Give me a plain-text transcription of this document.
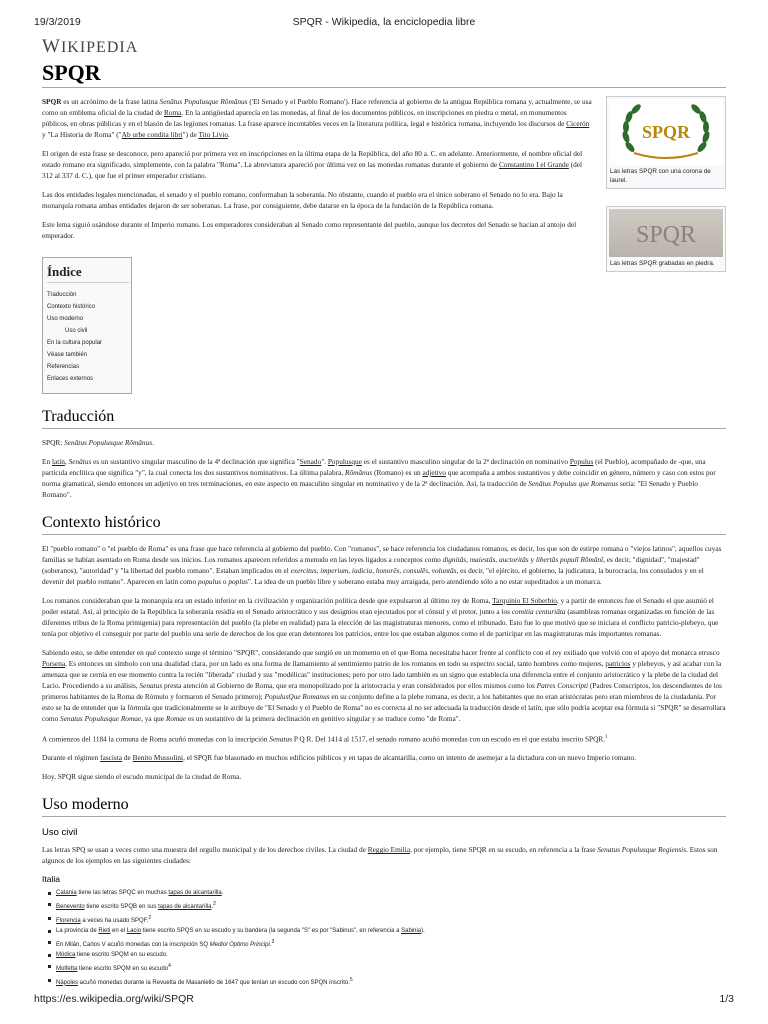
19/3/2019	SPQR - Wikipedia, la enciclopedia libre
WIKIPEDIA
SPQR

SPQR es un acrónimo de la frase latina Senātus Populusque Rōmānus ('El Senado y el Pueblo Romano'). Hace referencia al gobierno de la antigua República romana y, actualmente, se usa como un emblema oficial de la ciudad de Roma. En la antigüedad aparecía en las monedas, al final de los documentos públicos, en inscripciones en piedra o metal, en monumentos públicos, en obras públicas y en el blasón de las legiones romanas. La frase aparece incontables veces en la literatura política, legal e histórica romana, incluyendo los discursos de Cicerón y "La Historia de Roma" ("Ab urbe condita libri") de Tito Livio.

El origen de esta frase se desconoce, pero apareció por primera vez en inscripciones en la última etapa de la República, del año 80 a. C. en adelante. Anteriormente, el nombre oficial del estado romano era significado, simplemente, con la palabra "Roma". La abreviatura apareció por última vez en las monedas romanas durante el gobierno de Constantino I el Grande (del 312 al 337 d. C.), que fue el primer emperador cristiano.

Las dos entidades legales mencionadas, el senado y el pueblo romano, conformaban la soberanía. No obstante, cuando el pueblo era el único soberano el Senado no lo era. Bajo la monarquía romana ambas entidades dejaron de ser soberanas. La frase, por consiguiente, debe datarse en la época de la fundación de la República romana.

Este lema siguió usándose durante el Imperio romano. Los emperadores consideraban al Senado como representante del pueblo, aunque los decretos del Senado se hacían al antojo del emperador.

SPQR
Las letras SPQR con una corona de laurel.
SPQR
Las letras SPQR grabadas en piedra.
Índice
Traducción
Contexto histórico
Uso moderno
Uso civil
En la cultura popular
Véase también
Referencias
Enlaces externos
Traducción

SPQR: Senātus Populusque Rōmānus.

En latín, Senātus es un sustantivo singular masculino de la 4ª declinación que significa "Senado". Populusque es el sustantivo masculino singular de la 2ª declinación en nominativo Populus (el Pueblo), acompañado de -que, una partícula enclítica que significa "y", la cual conecta los dos sustantivos nominativos. La última palabra, Rōmānus (Romano) es un adjetivo que acompaña a ambos sustantivos y debe coincidir en género, número y caso con estos por norma gramatical, siendo entonces un adjetivo en tres terminaciones, en este aspecto en masculino singular en nominativo y de la 2ª declinación. Así, la traducción de Senātus Populus que Romanus sería: "El Senado y Pueblo Romano".

Contexto histórico

El "pueblo romano" o "el pueblo de Roma" es una frase que hace referencia al gobierno del pueblo. Con "romanos", se hace referencia los ciudadanos romanos, es decir, los que son de estirpe romana o "viejos latinos", aquellos cuyas familias se habían asentado en Roma desde sus inicios. Los romanos aparecen referidos a menudo en las leyes ligados a conceptos como dignitās, maiestās, auctoritās y libertās populī Rōmānī, es decir, "dignidad", "majestad" (soberanos), "autoridad" y "la libertad del pueblo romano". Estaban implicados en el exercitus, imperium, iudicia, honorēs, consulēs, voluntās, es decir, "el ejército, el gobierno, la judicatura, la burocracia, los consulados y en el devenir del pueblo romano". Aparecen en latín como populus o poplus". La idea de un pueblo libre y soberano estaba muy arraigada, pero atendiendo sólo a no estar supeditados a un monarca.

Los romanos consideraban que la monarquía era un estado inferior en la civilización y organización política desde que expulsaron al último rey de Roma, Tarquinio El Soberbio, y a partir de entonces fue el Senado el que asumió el poder estatal. Así, al principio de la República la soberanía residía en el Senado aristocrático y sus designios eran ejecutados por el cónsul y el pretor, junto a los comitia centuriāta (asambleas romanas organizadas en función de las diferentes tribus de la Roma primigenia) para representación del pueblo (la plebe en realidad) para la elección de las magistraturas menores, como el tribunado. Esto fue lo que motivó que se iniciara el conflicto patricio-plebeyo, que tenía por objetivo el conseguir por parte del pueblo una serie de derechos de los que eran detentores los patricios, entre los que estaban algunos como el de participar en las magistraturas más importantes romanas.

Sabiendo esto, se debe entender en qué contexto surge el término "SPQR", considerando que surgió en un momento en el que Roma necesitaba hacer frente al conflicto con el rey exiliado que volvió con el apoyo del monarca etrusco Porsena. Es entonces un símbolo con una dualidad clara, por un lado es una forma de llamamiento al sentimiento patrio de los romanos en todo su espectro social, tanto hombres como mujeres, patricios y plebeyos, y así acabar con la amenaza que se cernía en ese momento contra la recién "liberada" ciudad y sus "modélicas" instituciones; pero por otro lado también es un signo que establecía una diferencia entre el conjunto aristocrático y la plebe de la ciudad del Lacio. Procediendo a su análisis, Senatus presta atención al Gobierno de Roma, que era monopolizado por la aristocracia y eran considerados por ellos mismos como los Patres Conscripti (Padres Conscriptos, los descendientes de los primeros habitantes de la Roma de Rómulo y formaron el Senado primero); PopulusQue Romanus en su conjunto define a la plebe romana, es decir, a los habitantes que no eran aristócratas pero eran miembros de la ciudadanía. Por esto se ha de entender que la fórmula que tradicionalmente se le atribuye de "El Senado y el Pueblo de Roma" no es correcta al no ser adecuada la traducción desde el latín, que sólo podría aceptar esa fórmula si "SPQR" se desarrollara como Senatus Populusque Romae, ya que Romae es un sustantivo de la primera declinación en genitivo singular y se traduce como "de Roma".

A comienzos del 1184 la comuna de Roma acuñó monedas con la inscripción Senatus P Q R. Del 1414 al 1517, el senado romano acuñó monedas con un escudo en el que estaba inscrito SPQR.$^1$

Durante el régimen fascista de Benito Mussolini, el SPQR fue blasonado en muchos edificios públicos y en tapas de alcantarilla, como un intento de asemejar a la dictadura con un nuevo Imperio romano.

Hoy, SPQR sigue siendo el escudo municipal de la ciudad de Roma.

Uso moderno
Uso civil

Las letras SPQ se usan a veces como una muestra del orgullo municipal y de los derechos civiles. La ciudad de Reggio Emilia, por ejemplo, tiene SPQR en su escudo, en referencia a la frase Senatus Populusque Regiensis. Estos son algunos de los ejemplos en las siguientes ciudades:

Italia
Catania tiene las letras SPQC en muchas tapas de alcantarilla.
Benevento tiene escrito SPQB en sus tapas de alcantarilla.$^2$
Florencia a veces ha usado SPQF.$^2$
La provincia de Rieti en el Lacio tiene escrito SPQS en su escudo y su bandera (la segunda "S" es por "Sabinus", en referencia a Sabinia).
En Milán, Carlos V acuñó monedas con la inscripción SQ Mediol Optimo Principi.$^3$
Módica tiene escrito SPQM en su escudo.
Molfetta tiene escrito SPQM en su escudo$^4$
Nápoles acuñó monedas durante la Revuelta de Masaniello de 1647 que tenían un escudo con SPQN inscrito.$^5$
https://es.wikipedia.org/wiki/SPQR	1/3
